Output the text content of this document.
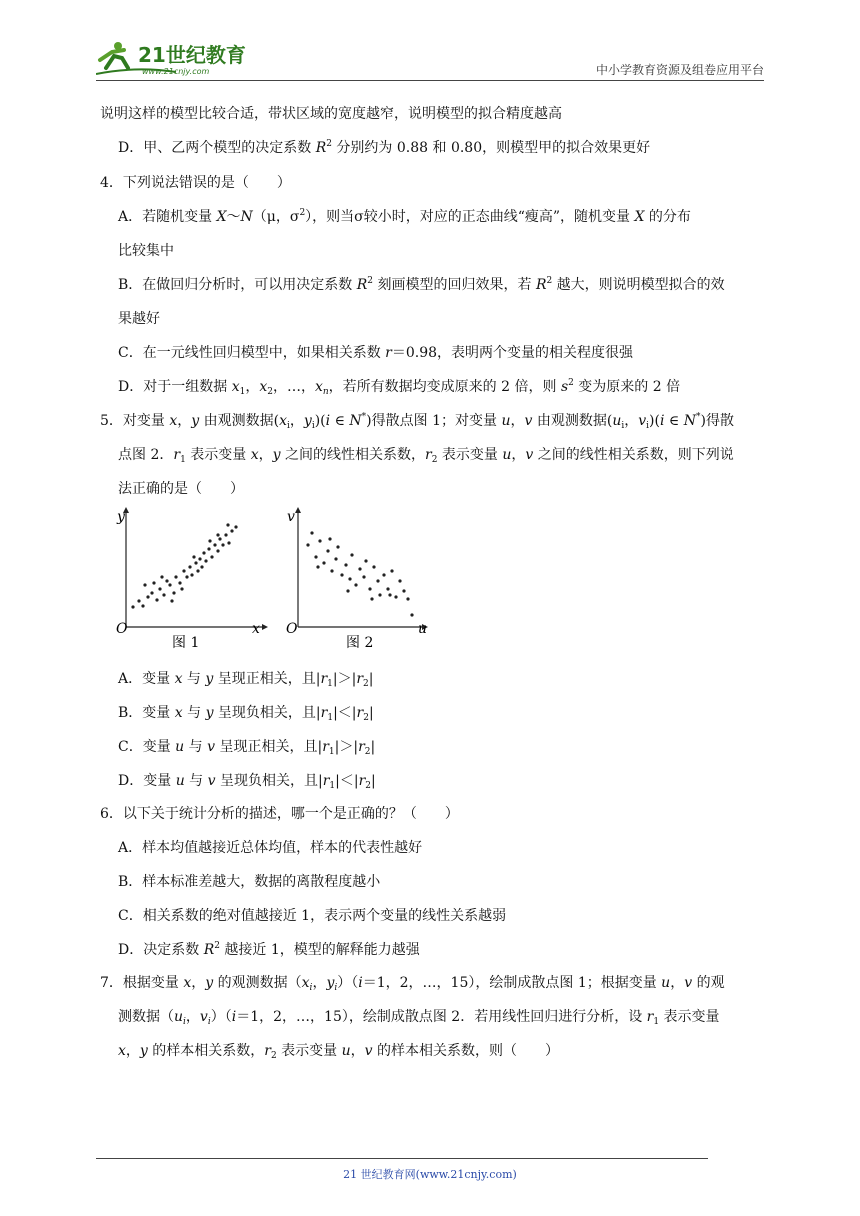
21世纪教育
www.21cnjy.com	中小学教育资源及组卷应用平台
说明这样的模型比较合适，带状区域的宽度越窄，说明模型的拟合精度越高
D．甲、乙两个模型的决定系数 $R^2$ 分别约为 0.88 和 0.80，则模型甲的拟合效果更好
4．下列说法错误的是（　　）
A．若随机变量 X～N（μ，$\sigma^2$），则当σ较小时，对应的正态曲线“瘦高”，随机变量 X 的分布
比较集中
B．在做回归分析时，可以用决定系数 $R^2$ 刻画模型的回归效果，若 $R^2$ 越大，则说明模型拟合的效
果越好
C．在一元线性回归模型中，如果相关系数 r＝0.98，表明两个变量的相关程度很强
D．对于一组数据 $x_1$，$x_2$，…，$x_n$，若所有数据均变成原来的 2 倍，则 $s^2$ 变为原来的 2 倍
5．对变量 x，y 由观测数据($x_i$，$y_i)(i$ ∈ N*)得散点图 1；对变量 u，v 由观测数据($u_i$，$v_i)(i$ ∈ N*)得散
点图 2．$r_1$ 表示变量 x，y 之间的线性相关系数，$r_2$ 表示变量 u，v 之间的线性相关系数，则下列说
法正确的是（　　）
y
x
O
图 1
v
u
O
图 2
A．变量 x 与 y 呈现正相关，且$|r_1|>|r_2|$
B．变量 x 与 y 呈现负相关，且$|r_1|<|r_2|$
C．变量 u 与 v 呈现正相关，且$|r_1|>|r_2|$
D．变量 u 与 v 呈现负相关，且$|r_1|<|r_2|$
6．以下关于统计分析的描述，哪一个是正确的？（　　）
A．样本均值越接近总体均值，样本的代表性越好
B．样本标准差越大，数据的离散程度越小
C．相关系数的绝对值越接近 1，表示两个变量的线性关系越弱
D．决定系数 $R^2$ 越接近 1，模型的解释能力越强
7．根据变量 x，y 的观测数据（$x_i$，$y_i)(i=1$，2，…，15），绘制成散点图 1；根据变量 u，v 的观
测数据（$u_i$，$v_i)(i=1$，2，…，15），绘制成散点图 2．若用线性回归进行分析，设 $r_1$ 表示变量
x，y 的样本相关系数，$r_2$ 表示变量 u，v 的样本相关系数，则（　　）
21 世纪教育网(www.21cnjy.com)
